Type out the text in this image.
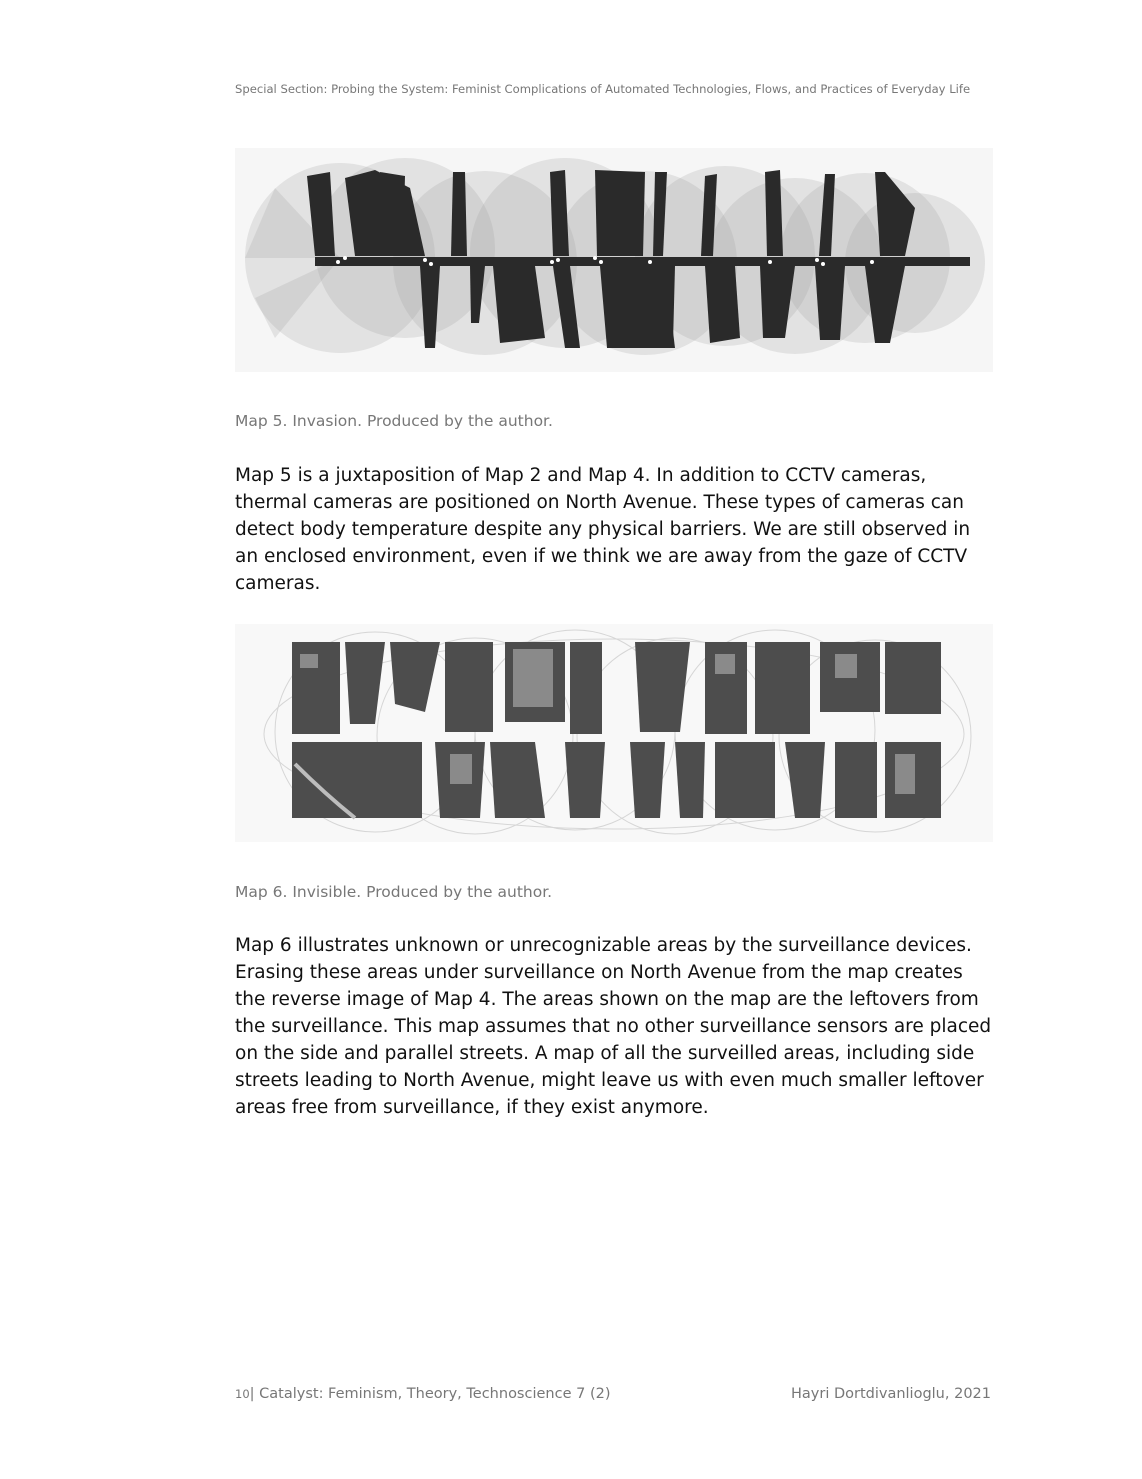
Special Section: Probing the System: Feminist Complications of Automated Technologies, Flows, and Practices of Everyday Life
Map 5. Invasion. Produced by the author.

Map 5 is a juxtaposition of Map 2 and Map 4. In addition to CCTV cameras, thermal cameras are positioned on North Avenue. These types of cameras can detect body temperature despite any physical barriers. We are still observed in an enclosed environment, even if we think we are away from the gaze of CCTV cameras.

Map 6. Invisible. Produced by the author.

Map 6 illustrates unknown or unrecognizable areas by the surveillance devices. Erasing these areas under surveillance on North Avenue from the map creates the reverse image of Map 4. The areas shown on the map are the leftovers from the surveillance. This map assumes that no other surveillance sensors are placed on the side and parallel streets. A map of all the surveilled areas, including side streets leading to North Avenue, might leave us with even much smaller leftover areas free from surveillance, if they exist anymore.

10| Catalyst: Feminism, Theory, Technoscience 7 (2)	Hayri Dortdivanlioglu, 2021
